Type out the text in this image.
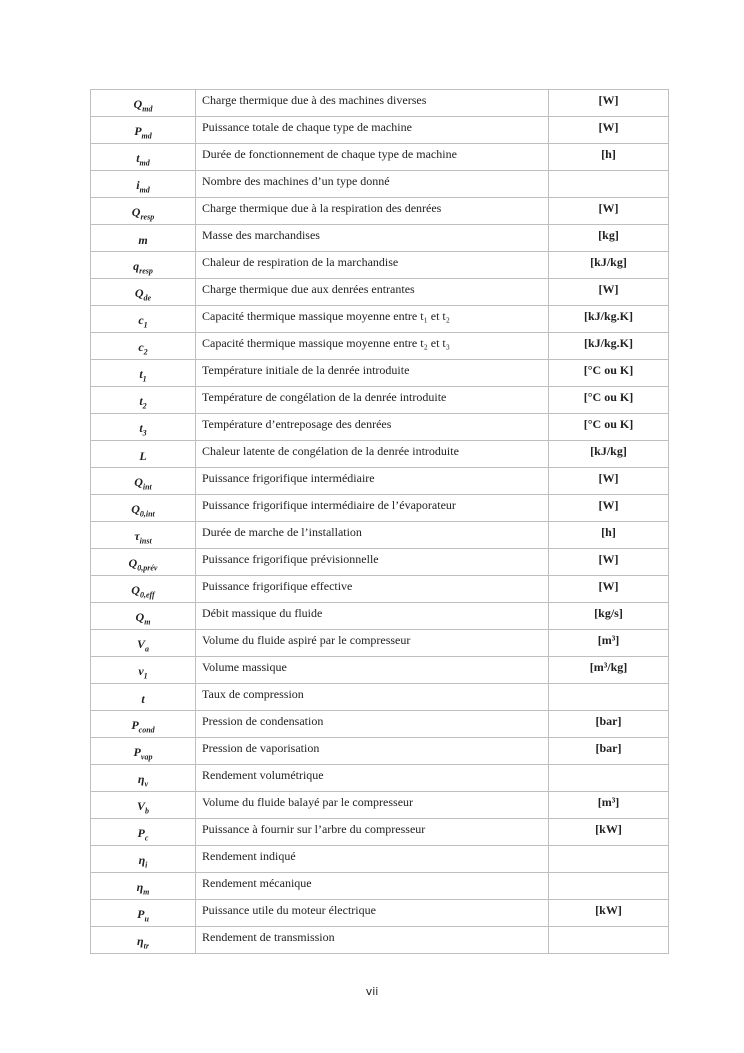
$Q_{md}$	Charge thermique due à des machines diverses	[W]
$P_{md}$	Puissance totale de chaque type de machine	[W]
$t_{md}$	Durée de fonctionnement de chaque type de machine	[h]
$i_{md}$	Nombre des machines d’un type donné	
$Q_{resp}$	Charge thermique due à la respiration des denrées	[W]
m	Masse des marchandises	[kg]
$q_{resp}$	Chaleur de respiration de la marchandise	[kJ/kg]
$Q_{de}$	Charge thermique due aux denrées entrantes	[W]
$c_1$	Capacité thermique massique moyenne entre t₁ et t₂	[kJ/kg.K]
$c_2$	Capacité thermique massique moyenne entre t₂ et t₃	[kJ/kg.K]
$t_1$	Température initiale de la denrée introduite	[°C ou K]
$t_2$	Température de congélation de la denrée introduite	[°C ou K]
$t_3$	Température d’entreposage des denrées	[°C ou K]
L	Chaleur latente de congélation de la denrée introduite	[kJ/kg]
$Q_{int}$	Puissance frigorifique intermédiaire	[W]
$Q_{0,int}$	Puissance frigorifique intermédiaire de l’évaporateur	[W]
$\tau_{inst}$	Durée de marche de l’installation	[h]
$Q_{0,prév}$	Puissance frigorifique prévisionnelle	[W]
$Q_{0,eff}$	Puissance frigorifique effective	[W]
$Q_m$	Débit massique du fluide	[kg/s]
$V_a$	Volume du fluide aspiré par le compresseur	[m³]
$v_1$	Volume massique	[m³/kg]
t	Taux de compression	
$P_{cond}$	Pression de condensation	[bar]
$P_{vap}$	Pression de vaporisation	[bar]
$\eta_v$	Rendement volumétrique	
$V_b$	Volume du fluide balayé par le compresseur	[m³]
$P_c$	Puissance à fournir sur l’arbre du compresseur	[kW]
$\eta_i$	Rendement indiqué	
$\eta_m$	Rendement mécanique	
$P_u$	Puissance utile du moteur électrique	[kW]
$\eta_{tr}$	Rendement de transmission	
vii
